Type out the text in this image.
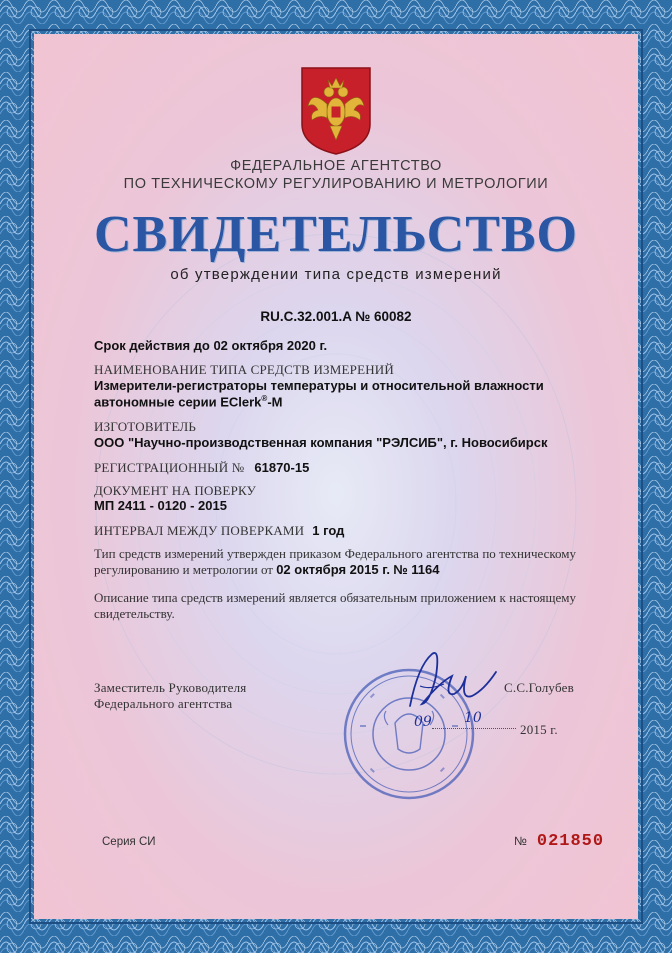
ФЕДЕРАЛЬНОЕ АГЕНТСТВО
ПО ТЕХНИЧЕСКОМУ РЕГУЛИРОВАНИЮ И МЕТРОЛОГИИ
СВИДЕТЕЛЬСТВО
об утверждении типа средств измерений
RU.C.32.001.A № 60082
Срок действия до 02 октября 2020 г.
НАИМЕНОВАНИЕ ТИПА СРЕДСТВ ИЗМЕРЕНИЙ
Измерители-регистраторы температуры и относительной влажности
автономные серии EClerk®-M
ИЗГОТОВИТЕЛЬ
ООО "Научно-производственная компания "РЭЛСИБ", г. Новосибирск
РЕГИСТРАЦИОННЫЙ № 61870-15
ДОКУМЕНТ НА ПОВЕРКУ
МП 2411 - 0120 - 2015
ИНТЕРВАЛ МЕЖДУ ПОВЕРКАМИ 1 год
Тип средств измерений утвержден приказом Федерального агентства по техническому регулированию и метрологии от 02 октября 2015 г. № 1164
Описание типа средств измерений является обязательным приложением к настоящему свидетельству.
Заместитель Руководителя
Федерального агентства
С.С.Голубев
09 10
2015 г.
Серия СИ	№ 021850
